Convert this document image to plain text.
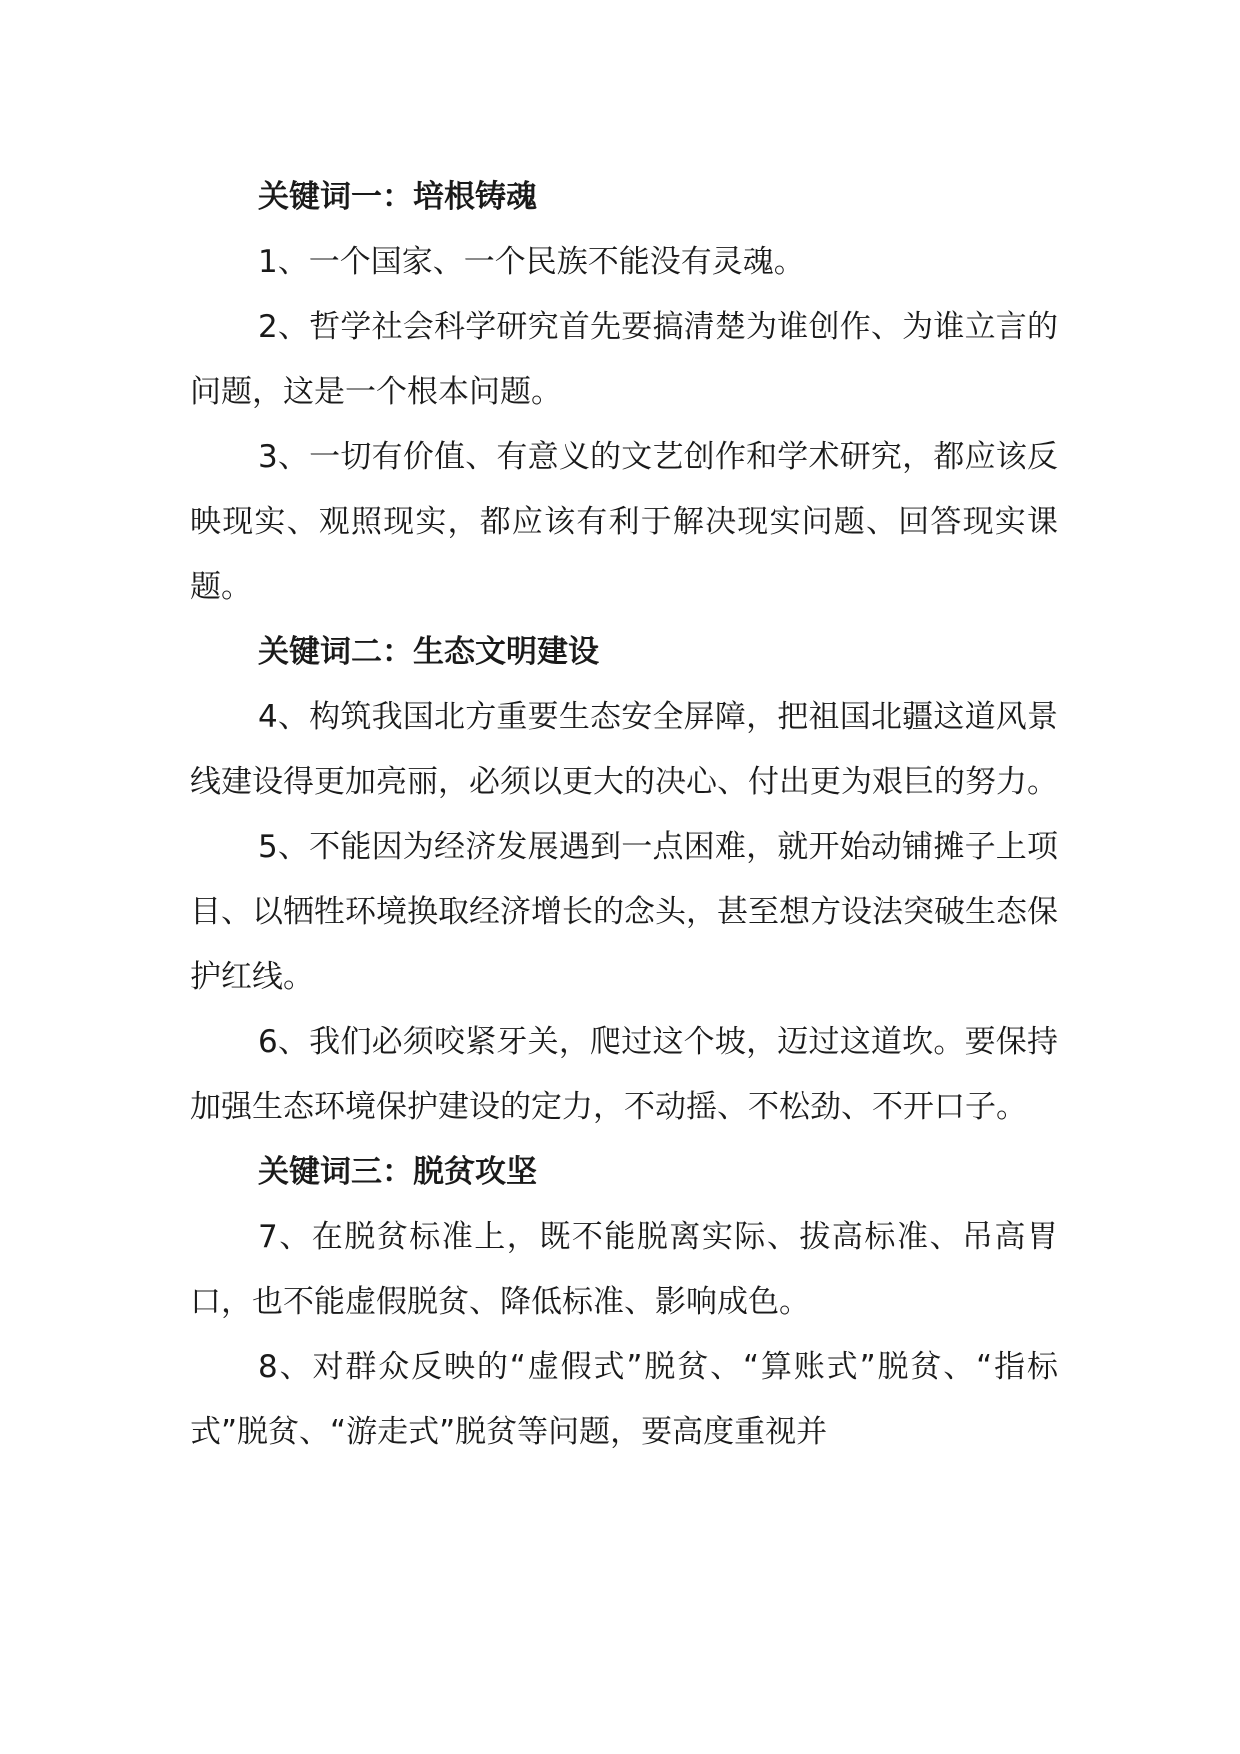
关键词一：培根铸魂

1、一个国家、一个民族不能没有灵魂。

2、哲学社会科学研究首先要搞清楚为谁创作、为谁立言的问题，这是一个根本问题。

3、一切有价值、有意义的文艺创作和学术研究，都应该反映现实、观照现实，都应该有利于解决现实问题、回答现实课题。

关键词二：生态文明建设

4、构筑我国北方重要生态安全屏障，把祖国北疆这道风景线建设得更加亮丽，必须以更大的决心、付出更为艰巨的努力。

5、不能因为经济发展遇到一点困难，就开始动铺摊子上项目、以牺牲环境换取经济增长的念头，甚至想方设法突破生态保护红线。

6、我们必须咬紧牙关，爬过这个坡，迈过这道坎。要保持加强生态环境保护建设的定力，不动摇、不松劲、不开口子。

关键词三：脱贫攻坚

7、在脱贫标准上，既不能脱离实际、拔高标准、吊高胃口，也不能虚假脱贫、降低标准、影响成色。

8、对群众反映的“虚假式”脱贫、“算账式”脱贫、“指标式”脱贫、“游走式”脱贫等问题，要高度重视并
